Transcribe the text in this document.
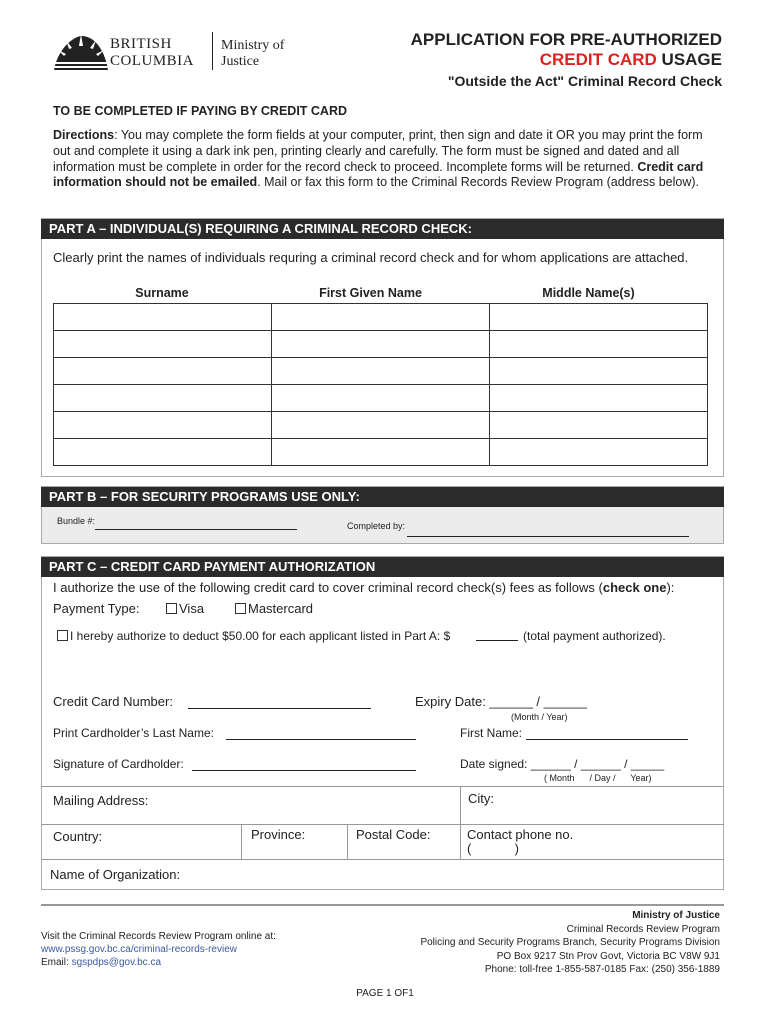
BRITISH
COLUMBIA
Ministry of
Justice
APPLICATION FOR PRE-AUTHORIZED
CREDIT CARD USAGE
"Outside the Act" Criminal Record Check
TO BE COMPLETED IF PAYING BY CREDIT CARD
Directions: You may complete the form fields at your computer, print, then sign and date it OR you may print the form out and complete it using a dark ink pen, printing clearly and carefully. The form must be signed and dated and all information must be complete in order for the record check to proceed. Incomplete forms will be returned. Credit card information should not be emailed. Mail or fax this form to the Criminal Records Review Program (address below).
PART A – INDIVIDUAL(S) REQUIRING A CRIMINAL RECORD CHECK:
Clearly print the names of individuals requring a criminal record check and for whom applications are attached.
Surname	First Given Name	Middle Name(s)

PART B – FOR SECURITY PROGRAMS USE ONLY:
Bundle #:	Completed by:
PART C – CREDIT CARD PAYMENT AUTHORIZATION
I authorize the use of the following credit card to cover criminal record check(s) fees as follows (check one):
Payment Type:	Visa	Mastercard
I hereby authorize to deduct $50.00 for each applicant listed in Part A: $	(total payment authorized).
Credit Card Number:	Expiry Date: ______ / ______
(Month / Year)
Print Cardholder’s Last Name:	First Name:
Signature of Cardholder:	Date signed: ______ / ______ / _____
( Month      / Day /      Year)
Mailing Address:	City:
Country:	Province:	Postal Code:	Contact phone no.
(            )
Name of Organization:
Visit the Criminal Records Review Program online at:
www.pssg.gov.bc.ca/criminal-records-review
Email: sgspdps@gov.bc.ca
Ministry of Justice
Criminal Records Review Program
Policing and Security Programs Branch, Security Programs Division
PO Box 9217 Stn Prov Govt, Victoria BC V8W 9J1
Phone: toll-free 1-855-587-0185 Fax: (250) 356-1889
PAGE 1 OF1
